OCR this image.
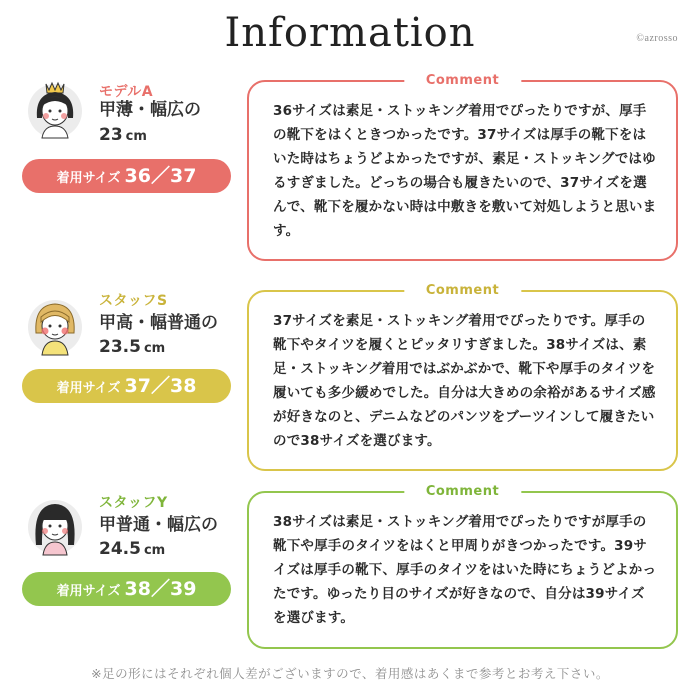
Information	©azrosso
モデルA
甲薄・幅広の
23 cm
着用サイズ 36／37
Comment
36サイズは素足・ストッキング着用でぴったりですが、厚手の靴下をはくときつかったです。37サイズは厚手の靴下をはいた時はちょうどよかったですが、素足・ストッキングではゆるすぎました。どっちの場合も履きたいので、37サイズを選んで、靴下を履かない時は中敷きを敷いて対処しようと思います。
スタッフS
甲高・幅普通の
23.5 cm
着用サイズ 37／38
Comment
37サイズを素足・ストッキング着用でぴったりです。厚手の靴下やタイツを履くとピッタリすぎました。38サイズは、素足・ストッキング着用ではぶかぶかで、靴下や厚手のタイツを履いても多少緩めでした。自分は大きめの余裕があるサイズ感が好きなのと、デニムなどのパンツをブーツインして履きたいので38サイズを選びます。
スタッフY
甲普通・幅広の
24.5 cm
着用サイズ 38／39
Comment
38サイズは素足・ストッキング着用でぴったりですが厚手の靴下や厚手のタイツをはくと甲周りがきつかったです。39サイズは厚手の靴下、厚手のタイツをはいた時にちょうどよかったです。ゆったり目のサイズが好きなので、自分は39サイズを選びます。
※足の形にはそれぞれ個人差がございますので、着用感はあくまで参考とお考え下さい。
